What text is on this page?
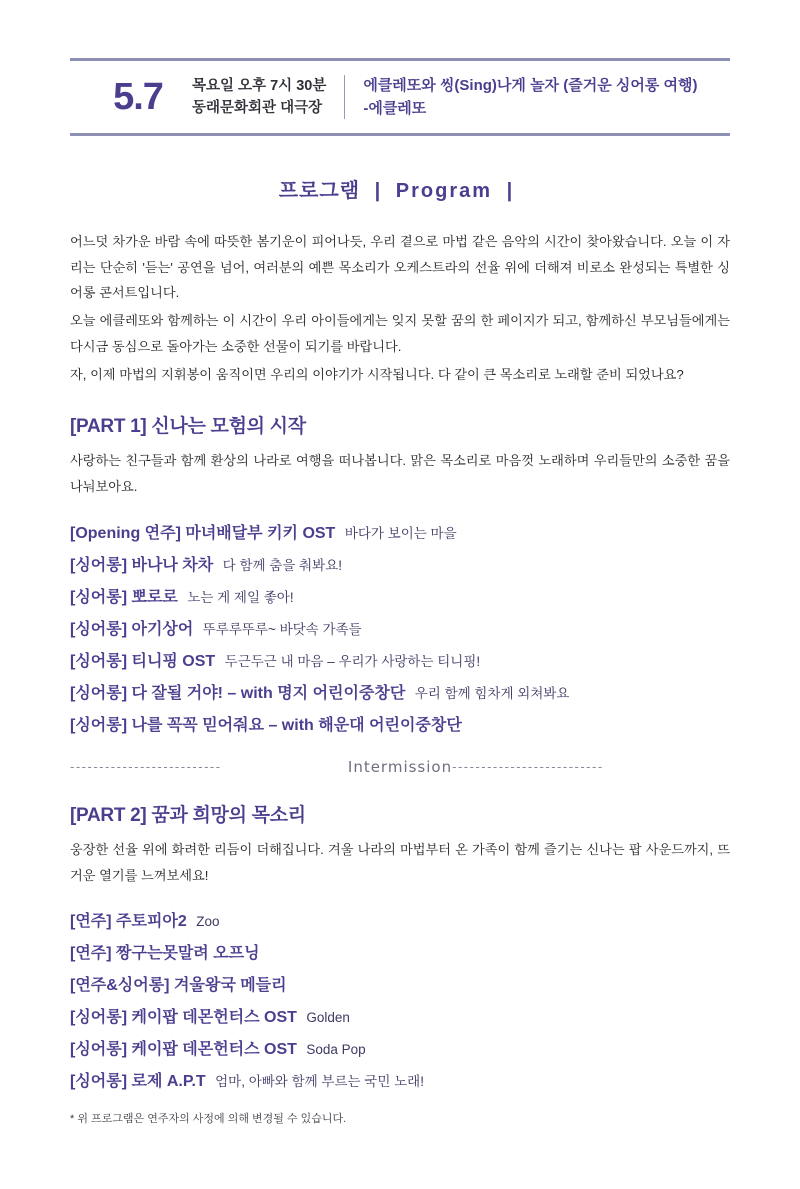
5.7	목요일 오후 7시 30분
동래문화회관 대극장
에클레또와 씽(Sing)나게 놀자 (즐거운 싱어롱 여행)
-에클레또
프로그램 | Program |

어느덧 차가운 바람 속에 따뜻한 봄기운이 피어나듯, 우리 곁으로 마법 같은 음악의 시간이 찾아왔습니다. 오늘 이 자리는 단순히 '듣는' 공연을 넘어, 여러분의 예쁜 목소리가 오케스트라의 선율 위에 더해져 비로소 완성되는 특별한 싱어롱 콘서트입니다.

오늘 에클레또와 함께하는 이 시간이 우리 아이들에게는 잊지 못할 꿈의 한 페이지가 되고, 함께하신 부모님들에게는 다시금 동심으로 돌아가는 소중한 선물이 되기를 바랍니다.

자, 이제 마법의 지휘봉이 움직이면 우리의 이야기가 시작됩니다. 다 같이 큰 목소리로 노래할 준비 되었나요?

[PART 1] 신나는 모험의 시작
사랑하는 친구들과 함께 환상의 나라로 여행을 떠나봅니다. 맑은 목소리로 마음껏 노래하며 우리들만의 소중한 꿈을 나눠보아요.
[Opening 연주] 마녀배달부 키키 OST 바다가 보이는 마을
[싱어롱] 바나나 차차 다 함께 춤을 춰봐요!
[싱어롱] 뽀로로 노는 게 제일 좋아!
[싱어롱] 아기상어 뚜루루뚜루~ 바닷속 가족들
[싱어롱] 티니핑 OST 두근두근 내 마음 – 우리가 사랑하는 티니핑!
[싱어롱] 다 잘될 거야! – with 명지 어린이중창단 우리 함께 힘차게 외쳐봐요
[싱어롱] 나를 꼭꼭 믿어줘요 – with 해운대 어린이중창단
--------------------------	Intermission --------------------------
[PART 2] 꿈과 희망의 목소리
웅장한 선율 위에 화려한 리듬이 더해집니다. 겨울 나라의 마법부터 온 가족이 함께 즐기는 신나는 팝 사운드까지, 뜨거운 열기를 느껴보세요!
[연주] 주토피아2 Zoo
[연주] 짱구는못말려 오프닝
[연주&싱어롱] 겨울왕국 메들리
[싱어롱] 케이팝 데몬헌터스 OST Golden
[싱어롱] 케이팝 데몬헌터스 OST Soda Pop
[싱어롱] 로제 A.P.T 엄마, 아빠와 함께 부르는 국민 노래!
* 위 프로그램은 연주자의 사정에 의해 변경될 수 있습니다.
